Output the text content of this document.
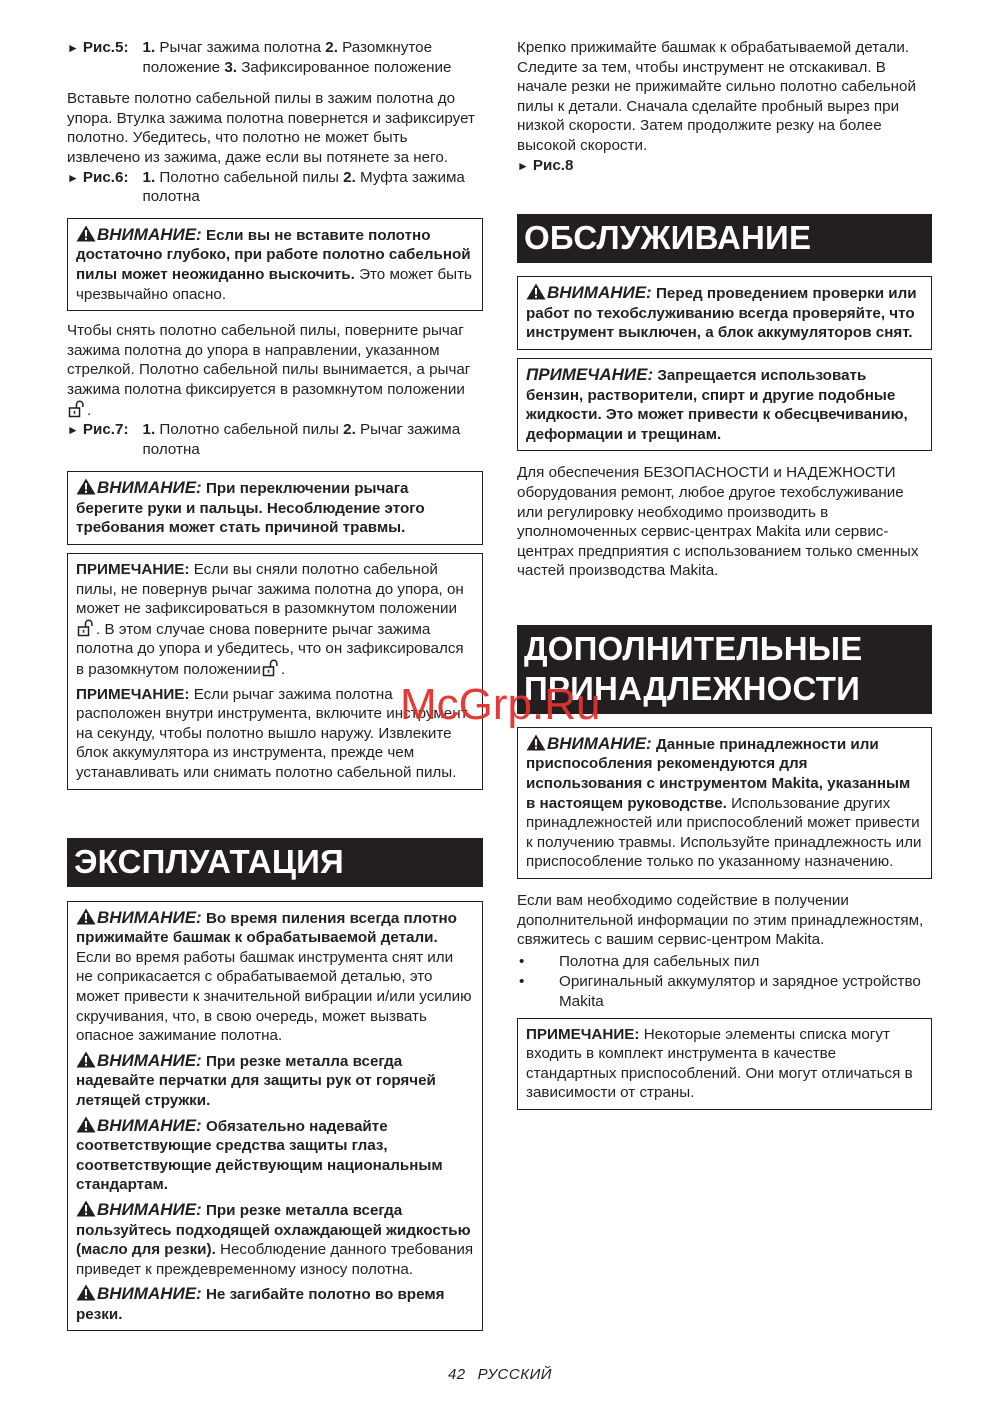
► Рис.5: 1. Рычаг зажима полотна 2. Разомкнутое положение 3. Зафиксированное положение

Вставьте полотно сабельной пилы в зажим полотна до упора. Втулка зажима полотна повернется и зафиксирует полотно. Убедитесь, что полотно не может быть извлечено из зажима, даже если вы потянете за него.

► Рис.6: 1. Полотно сабельной пилы 2. Муфта зажима полотна

ВНИМАНИЕ: Если вы не вставите полотно достаточно глубоко, при работе полотно сабельной пилы может неожиданно выскочить. Это может быть чрезвычайно опасно.

Чтобы снять полотно сабельной пилы, поверните рычаг зажима полотна до упора в направлении, указанном стрелкой. Полотно сабельной пилы вынимается, а рычаг зажима полотна фиксируется в разомкнутом положении.

► Рис.7: 1. Полотно сабельной пилы 2. Рычаг зажима полотна

ВНИМАНИЕ: При переключении рычага берегите руки и пальцы. Несоблюдение этого требования может стать причиной травмы.

ПРИМЕЧАНИЕ: Если вы сняли полотно сабельной пилы, не повернув рычаг зажима полотна до упора, он может не зафиксироваться в разомкнутом положении. В этом случае снова поверните рычаг зажима полотна до упора и убедитесь, что он зафиксировался в разомкнутом положении .

ПРИМЕЧАНИЕ: Если рычаг зажима полотна расположен внутри инструмента, включите инструмент на секунду, чтобы полотно вышло наружу. Извлеките блок аккумулятора из инструмента, прежде чем устанавливать или снимать полотно сабельной пилы.

ЭКСПЛУАТАЦИЯ

ВНИМАНИЕ: Во время пиления всегда плотно прижимайте башмак к обрабатываемой детали. Если во время работы башмак инструмента снят или не соприкасается с обрабатываемой деталью, это может привести к значительной вибрации и/или усилию скручивания, что, в свою очередь, может вызвать опасное зажимание полотна.

ВНИМАНИЕ: При резке металла всегда надевайте перчатки для защиты рук от горячей летящей стружки.

ВНИМАНИЕ: Обязательно надевайте соответствующие средства защиты глаз, соответствующие действующим национальным стандартам.

ВНИМАНИЕ: При резке металла всегда пользуйтесь подходящей охлаждающей жидкостью (масло для резки). Несоблюдение данного требования приведет к преждевременному износу полотна.

ВНИМАНИЕ: Не загибайте полотно во время резки.

Крепко прижимайте башмак к обрабатываемой детали. Следите за тем, чтобы инструмент не отскакивал. В начале резки не прижимайте сильно полотно сабельной пилы к детали. Сначала сделайте пробный вырез при низкой скорости. Затем продолжите резку на более высокой скорости.

► Рис.8
ОБСЛУЖИВАНИЕ

ВНИМАНИЕ: Перед проведением проверки или работ по техобслуживанию всегда проверяйте, что инструмент выключен, а блок аккумуляторов снят.

ПРИМЕЧАНИЕ: Запрещается использовать бензин, растворители, спирт и другие подобные жидкости. Это может привести к обесцвечиванию, деформации и трещинам.

Для обеспечения БЕЗОПАСНОСТИ и НАДЕЖНОСТИ оборудования ремонт, любое другое техобслуживание или регулировку необходимо производить в уполномоченных сервис-центрах Makita или сервис-центрах предприятия с использованием только сменных частей производства Makita.

ДОПОЛНИТЕЛЬНЫЕ
ПРИНАДЛЕЖНОСТИ

ВНИМАНИЕ: Данные принадлежности или приспособления рекомендуются для использования с инструментом Makita, указанным в настоящем руководстве. Использование других принадлежностей или приспособлений может привести к получению травмы. Используйте принадлежность или приспособление только по указанному назначению.

Если вам необходимо содействие в получении дополнительной информации по этим принадлежностям, свяжитесь с вашим сервис-центром Makita.

•	Полотна для сабельных пил
•	Оригинальный аккумулятор и зарядное устройство Makita

ПРИМЕЧАНИЕ: Некоторые элементы списка могут входить в комплект инструмента в качестве стандартных приспособлений. Они могут отличаться в зависимости от страны.

McGrp.Ru
42 РУССКИЙ
